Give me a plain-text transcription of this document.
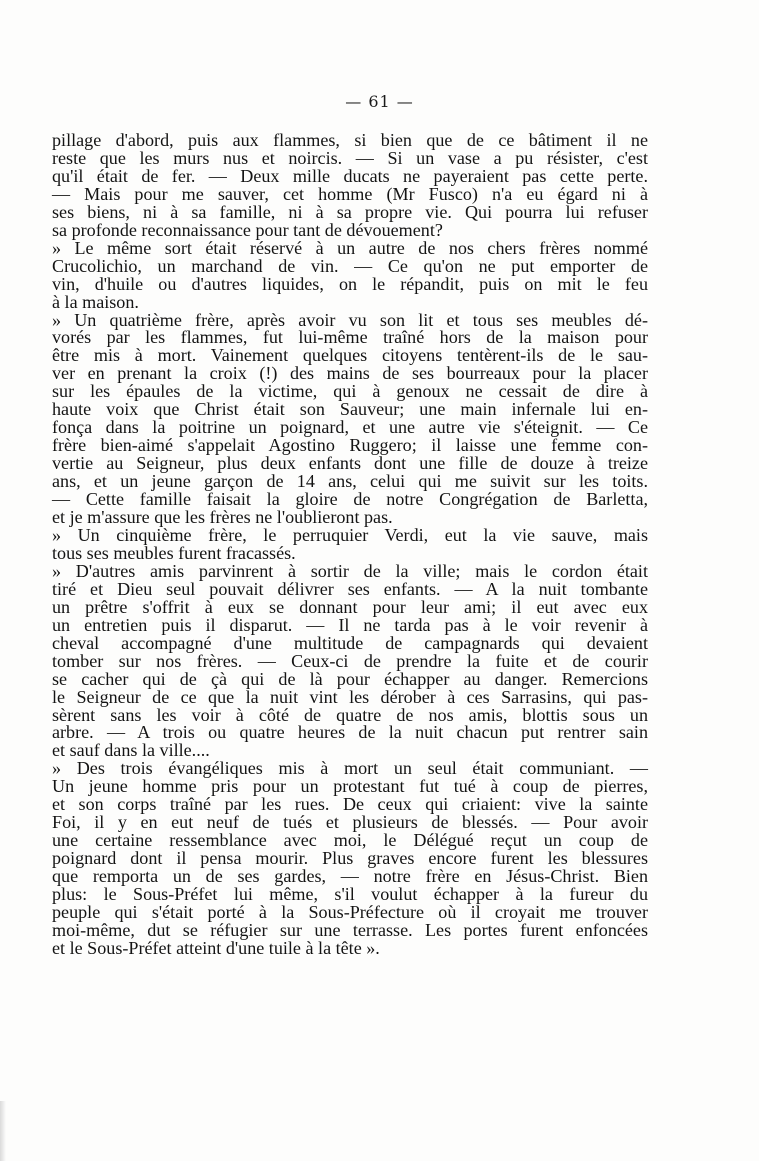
— 61 —
pillage d'abord, puis aux flammes, si bien que de ce bâtiment il ne
reste que les murs nus et noircis. — Si un vase a pu résister, c'est
qu'il était de fer. — Deux mille ducats ne payeraient pas cette perte.
— Mais pour me sauver, cet homme (Mr Fusco) n'a eu égard ni à
ses biens, ni à sa famille, ni à sa propre vie. Qui pourra lui refuser
sa profonde reconnaissance pour tant de dévouement?
» Le même sort était réservé à un autre de nos chers frères nommé
Crucolichio, un marchand de vin. — Ce qu'on ne put emporter de
vin, d'huile ou d'autres liquides, on le répandit, puis on mit le feu
à la maison.
» Un quatrième frère, après avoir vu son lit et tous ses meubles dé-
vorés par les flammes, fut lui-même traîné hors de la maison pour
être mis à mort. Vainement quelques citoyens tentèrent-ils de le sau-
ver en prenant la croix (!) des mains de ses bourreaux pour la placer
sur les épaules de la victime, qui à genoux ne cessait de dire à
haute voix que Christ était son Sauveur; une main infernale lui en-
fonça dans la poitrine un poignard, et une autre vie s'éteignit. — Ce
frère bien-aimé s'appelait Agostino Ruggero; il laisse une femme con-
vertie au Seigneur, plus deux enfants dont une fille de douze à treize
ans, et un jeune garçon de 14 ans, celui qui me suivit sur les toits.
— Cette famille faisait la gloire de notre Congrégation de Barletta,
et je m'assure que les frères ne l'oublieront pas.
» Un cinquième frère, le perruquier Verdi, eut la vie sauve, mais
tous ses meubles furent fracassés.
» D'autres amis parvinrent à sortir de la ville; mais le cordon était
tiré et Dieu seul pouvait délivrer ses enfants. — A la nuit tombante
un prêtre s'offrit à eux se donnant pour leur ami; il eut avec eux
un entretien puis il disparut. — Il ne tarda pas à le voir revenir à
cheval accompagné d'une multitude de campagnards qui devaient
tomber sur nos frères. — Ceux-ci de prendre la fuite et de courir
se cacher qui de çà qui de là pour échapper au danger. Remercions
le Seigneur de ce que la nuit vint les dérober à ces Sarrasins, qui pas-
sèrent sans les voir à côté de quatre de nos amis, blottis sous un
arbre. — A trois ou quatre heures de la nuit chacun put rentrer sain
et sauf dans la ville....
» Des trois évangéliques mis à mort un seul était communiant. —
Un jeune homme pris pour un protestant fut tué à coup de pierres,
et son corps traîné par les rues. De ceux qui criaient: vive la sainte
Foi, il y en eut neuf de tués et plusieurs de blessés. — Pour avoir
une certaine ressemblance avec moi, le Délégué reçut un coup de
poignard dont il pensa mourir. Plus graves encore furent les blessures
que remporta un de ses gardes, — notre frère en Jésus-Christ. Bien
plus: le Sous-Préfet lui même, s'il voulut échapper à la fureur du
peuple qui s'était porté à la Sous-Préfecture où il croyait me trouver
moi-même, dut se réfugier sur une terrasse. Les portes furent enfoncées
et le Sous-Préfet atteint d'une tuile à la tête ».
